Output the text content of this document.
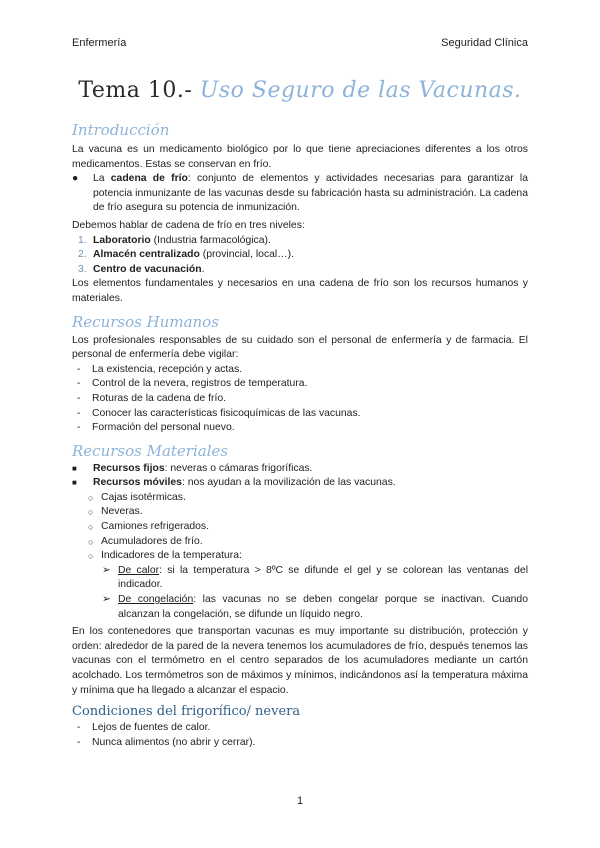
Enfermería	Seguridad Clínica
Tema 10.- Uso Seguro de las Vacunas.
Introducción

La vacuna es un medicamento biológico por lo que tiene apreciaciones diferentes a los otros medicamentos. Estas se conservan en frío.

●	La cadena de frío: conjunto de elementos y actividades necesarias para garantizar la potencia inmunizante de las vacunas desde su fabricación hasta su administración. La cadena de frío asegura su potencia de inmunización.

Debemos hablar de cadena de frío en tres niveles:

1. Laboratorio (Industria farmacológica).
2. Almacén centralizado (provincial, local…).
3. Centro de vacunación.

Los elementos fundamentales y necesarios en una cadena de frío son los recursos humanos y materiales.

Recursos Humanos

Los profesionales responsables de su cuidado son el personal de enfermería y de farmacia. El personal de enfermería debe vigilar:

-	La existencia, recepción y actas.
-	Control de la nevera, registros de temperatura.
-	Roturas de la cadena de frío.
-	Conocer las características fisicoquímicas de las vacunas.
-	Formación del personal nuevo.
Recursos Materiales
■	Recursos fijos: neveras o cámaras frigoríficas.
■	Recursos móviles: nos ayudan a la movilización de las vacunas.
○ Cajas isotérmicas.
○ Neveras.
○ Camiones refrigerados.
○ Acumuladores de frío.
○ Indicadores de la temperatura:
➢ De calor: si la temperatura > 8ºC se difunde el gel y se colorean las ventanas del indicador.
➢ De congelación: las vacunas no se deben congelar porque se inactivan. Cuando alcanzan la congelación, se difunde un líquido negro.

En los contenedores que transportan vacunas es muy importante su distribución, protección y orden: alrededor de la pared de la nevera tenemos los acumuladores de frío, después tenemos las vacunas con el termómetro en el centro separados de los acumuladores mediante un cartón acolchado. Los termómetros son de máximos y mínimos, indicándonos así la temperatura máxima y mínima que ha llegado a alcanzar el espacio.

Condiciones del frigorífico/ nevera
-	Lejos de fuentes de calor.
-	Nunca alimentos (no abrir y cerrar).
1
